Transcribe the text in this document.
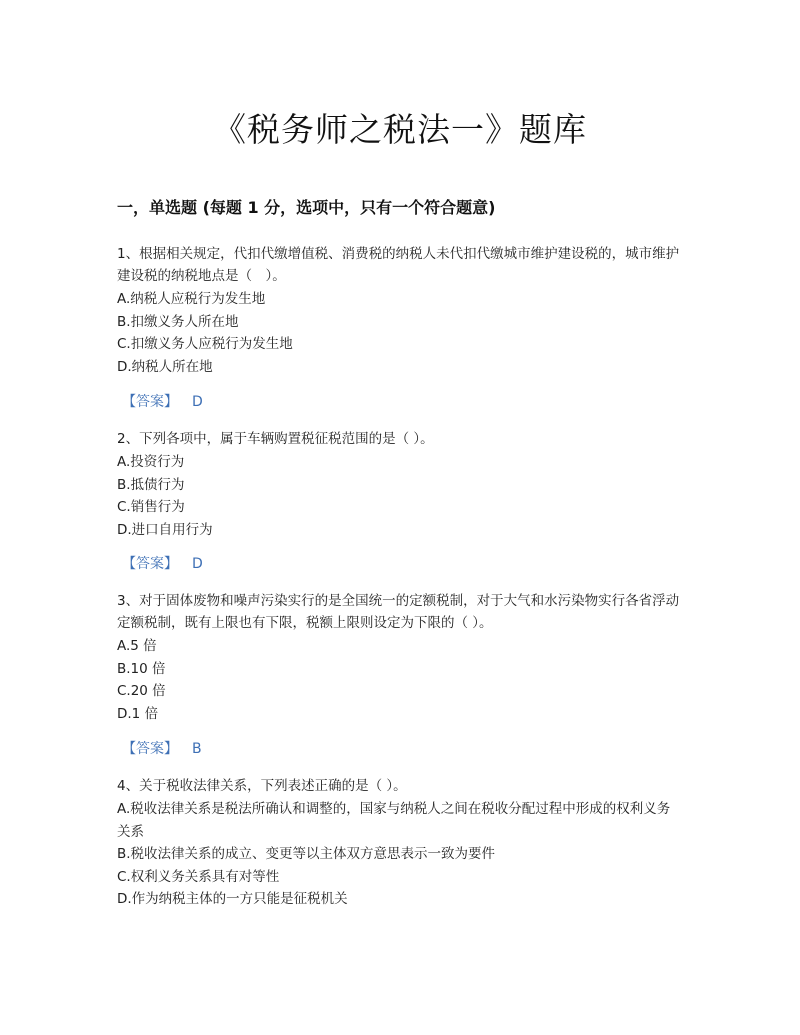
《税务师之税法一》题库
一，单选题 (每题 1 分，选项中，只有一个符合题意)
1、根据相关规定，代扣代缴增值税、消费税的纳税人未代扣代缴城市维护建设税的，城市维护建设税的纳税地点是（　）。
A.纳税人应税行为发生地
B.扣缴义务人所在地
C.扣缴义务人应税行为发生地
D.纳税人所在地
【答案】 D
2、下列各项中，属于车辆购置税征税范围的是（ ）。
A.投资行为
B.抵债行为
C.销售行为
D.进口自用行为
【答案】 D
3、对于固体废物和噪声污染实行的是全国统一的定额税制，对于大气和水污染物实行各省浮动定额税制，既有上限也有下限，税额上限则设定为下限的（ ）。
A.5 倍
B.10 倍
C.20 倍
D.1 倍
【答案】 B
4、关于税收法律关系，下列表述正确的是（ ）。
A.税收法律关系是税法所确认和调整的，国家与纳税人之间在税收分配过程中形成的权利义务关系
B.税收法律关系的成立、变更等以主体双方意思表示一致为要件
C.权利义务关系具有对等性
D.作为纳税主体的一方只能是征税机关
